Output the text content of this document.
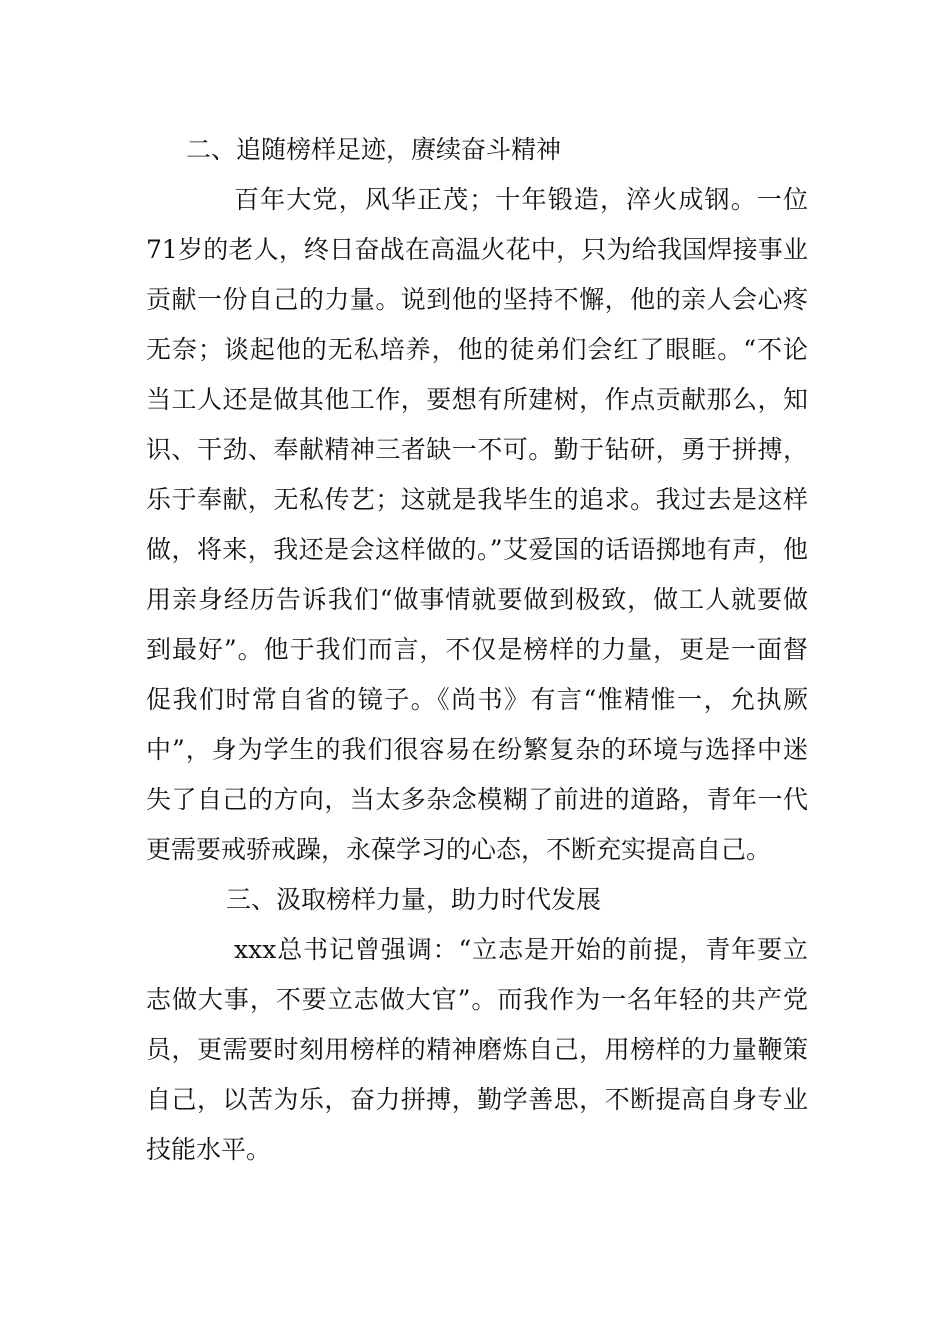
二、追随榜样足迹，赓续奋斗精神

百年大党，风华正茂；十年锻造，淬火成钢。一位71岁的老人，终日奋战在高温火花中，只为给我国焊接事业贡献一份自己的力量。说到他的坚持不懈，他的亲人会心疼无奈；谈起他的无私培养，他的徒弟们会红了眼眶。“不论当工人还是做其他工作，要想有所建树，作点贡献那么，知识、干劲、奉献精神三者缺一不可。勤于钻研，勇于拼搏，乐于奉献，无私传艺；这就是我毕生的追求。我过去是这样做，将来，我还是会这样做的。”艾爱国的话语掷地有声，他用亲身经历告诉我们“做事情就要做到极致，做工人就要做到最好”。他于我们而言，不仅是榜样的力量，更是一面督促我们时常自省的镜子。《尚书》有言“惟精惟一，允执厥中”，身为学生的我们很容易在纷繁复杂的环境与选择中迷失了自己的方向，当太多杂念模糊了前进的道路，青年一代更需要戒骄戒躁，永葆学习的心态，不断充实提高自己。

三、汲取榜样力量，助力时代发展

xxx总书记曾强调：“立志是开始的前提，青年要立志做大事，不要立志做大官”。而我作为一名年轻的共产党员，更需要时刻用榜样的精神磨炼自己，用榜样的力量鞭策自己，以苦为乐，奋力拼搏，勤学善思，不断提高自身专业技能水平。
